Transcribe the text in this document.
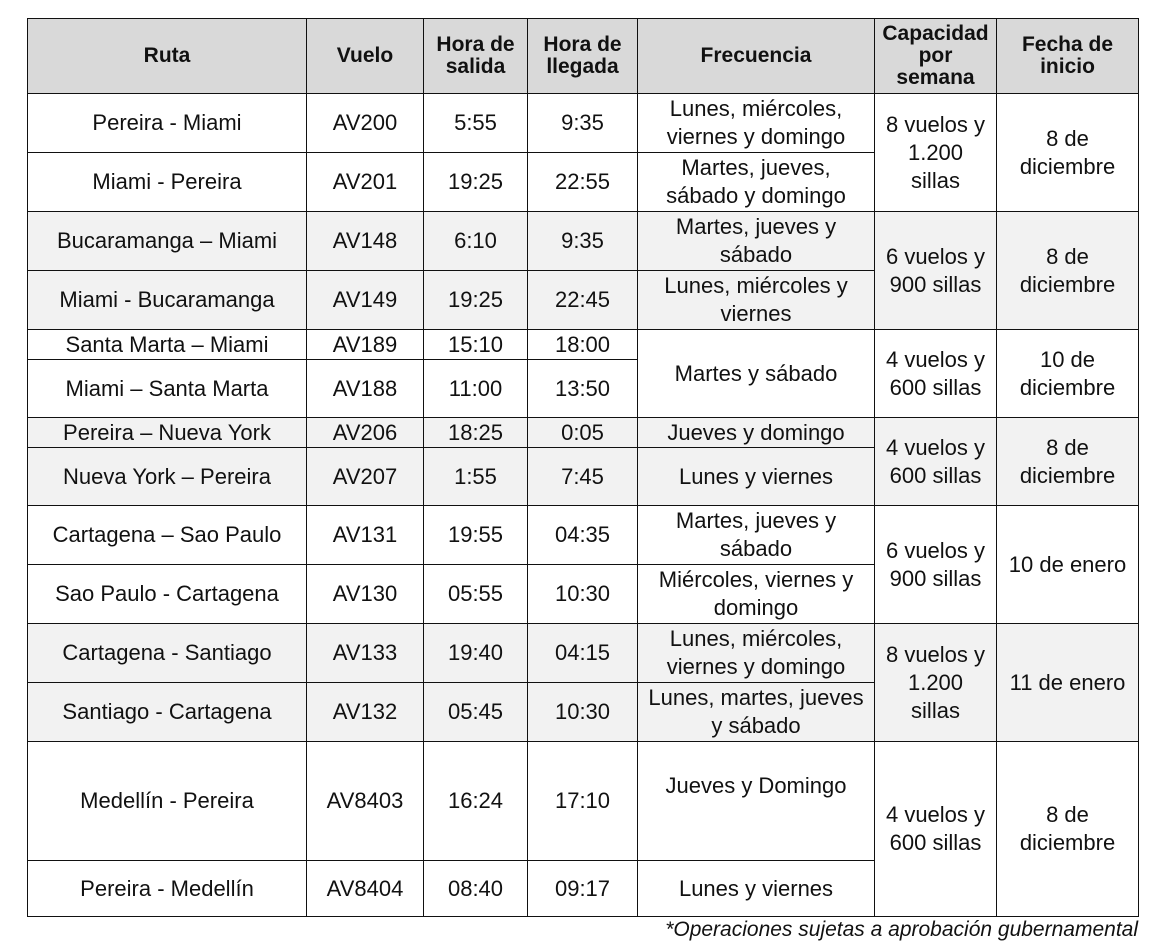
Ruta	Vuelo	Hora de salida	Hora de llegada	Frecuencia	Capacidad por semana	Fecha de inicio
Pereira - Miami	AV200	5:55	9:35	Lunes, miércoles, viernes y domingo	8 vuelos y 1.200 sillas	8 de diciembre
Miami - Pereira	AV201	19:25	22:55	Martes, jueves, sábado y domingo		
Bucaramanga – Miami	AV148	6:10	9:35	Martes, jueves y sábado	6 vuelos y 900 sillas	8 de diciembre
Miami - Bucaramanga	AV149	19:25	22:45	Lunes, miércoles y viernes		
Santa Marta – Miami	AV189	15:10	18:00	Martes y sábado	4 vuelos y 600 sillas	10 de diciembre
Miami – Santa Marta	AV188	11:00	13:50			
Pereira – Nueva York	AV206	18:25	0:05	Jueves y domingo	4 vuelos y 600 sillas	8 de diciembre
Nueva York – Pereira	AV207	1:55	7:45	Lunes y viernes		
Cartagena – Sao Paulo	AV131	19:55	04:35	Martes, jueves y sábado	6 vuelos y 900 sillas	10 de enero
Sao Paulo - Cartagena	AV130	05:55	10:30	Miércoles, viernes y domingo		
Cartagena - Santiago	AV133	19:40	04:15	Lunes, miércoles, viernes y domingo	8 vuelos y 1.200 sillas	11 de enero
Santiago - Cartagena	AV132	05:45	10:30	Lunes, martes, jueves y sábado		
Medellín - Pereira	AV8403	16:24	17:10	Jueves y Domingo	4 vuelos y 600 sillas	8 de diciembre
Pereira - Medellín	AV8404	08:40	09:17	Lunes y viernes		
*Operaciones sujetas a aprobación gubernamental
